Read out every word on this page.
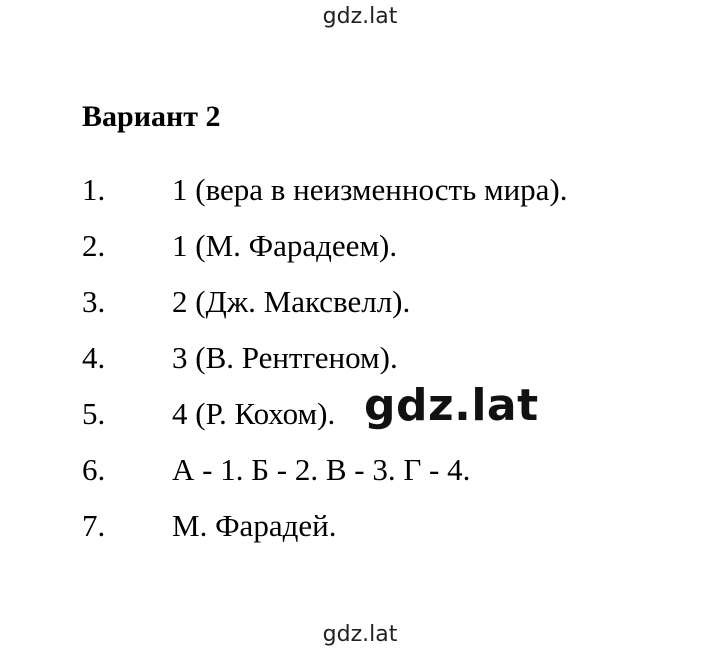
gdz.lat
Вариант 2
1.	1 (вера в неизменность мира).
2.	1 (М. Фарадеем).
3.	2 (Дж. Максвелл).
4.	3 (В. Рентгеном).
5.	4 (Р. Кохом).
6.	А - 1. Б - 2. В - 3. Г - 4.
7.	М. Фарадей.
gdz.lat
gdz.lat
